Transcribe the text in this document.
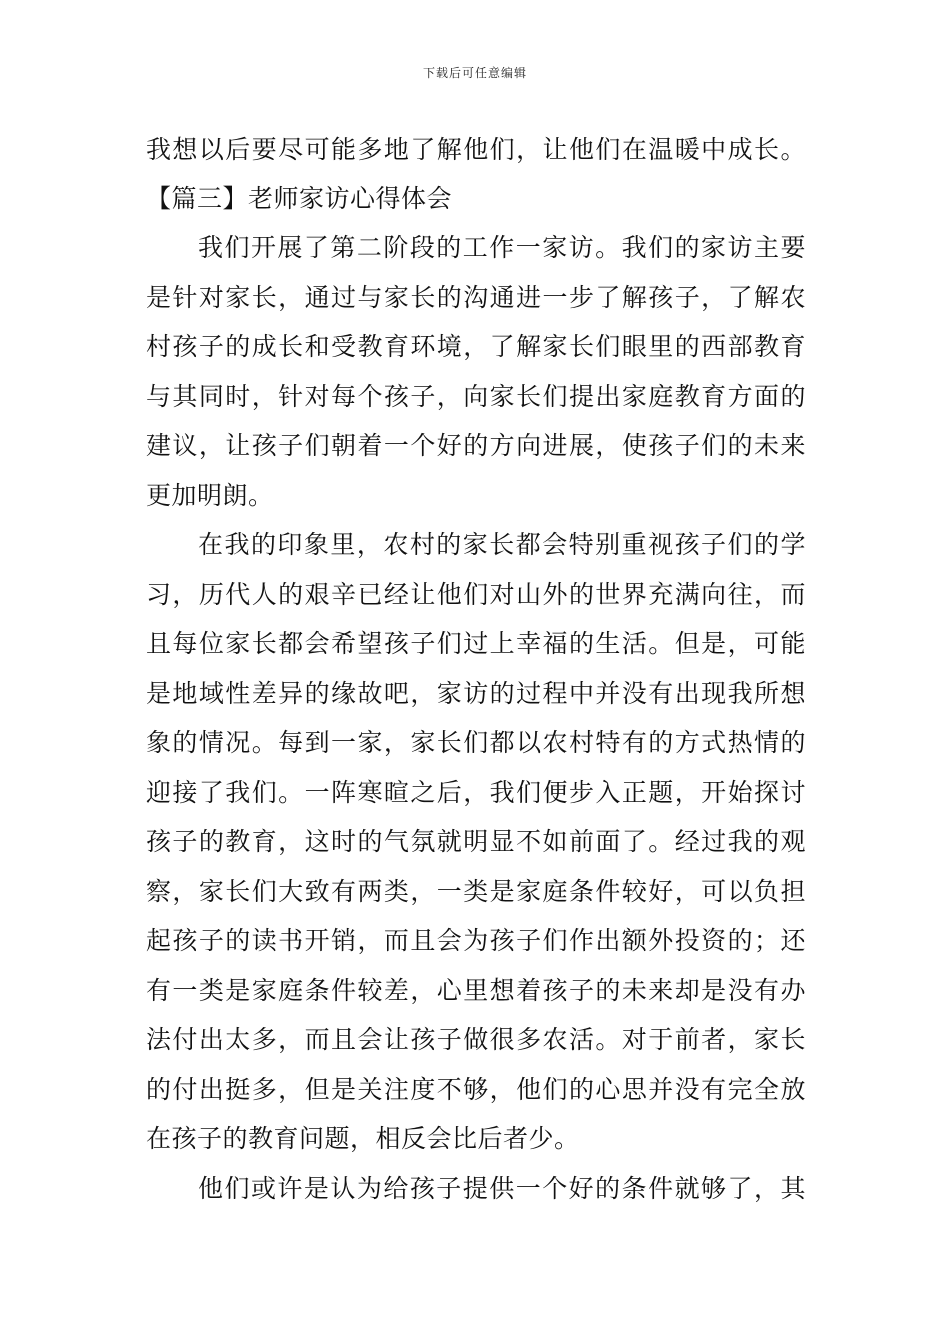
下载后可任意编辑
我想以后要尽可能多地了解他们，让他们在温暖中成长。
【篇三】老师家访心得体会
我们开展了第二阶段的工作一家访。我们的家访主要
是针对家长，通过与家长的沟通进一步了解孩子，了解农
村孩子的成长和受教育环境，了解家长们眼里的西部教育
与其同时，针对每个孩子，向家长们提出家庭教育方面的
建议，让孩子们朝着一个好的方向进展，使孩子们的未来
更加明朗。
在我的印象里，农村的家长都会特别重视孩子们的学
习，历代人的艰辛已经让他们对山外的世界充满向往，而
且每位家长都会希望孩子们过上幸福的生活。但是，可能
是地域性差异的缘故吧，家访的过程中并没有出现我所想
象的情况。每到一家，家长们都以农村特有的方式热情的
迎接了我们。一阵寒暄之后，我们便步入正题，开始探讨
孩子的教育，这时的气氛就明显不如前面了。经过我的观
察，家长们大致有两类，一类是家庭条件较好，可以负担
起孩子的读书开销，而且会为孩子们作出额外投资的；还
有一类是家庭条件较差，心里想着孩子的未来却是没有办
法付出太多，而且会让孩子做很多农活。对于前者，家长
的付出挺多，但是关注度不够，他们的心思并没有完全放
在孩子的教育问题，相反会比后者少。
他们或许是认为给孩子提供一个好的条件就够了，其
